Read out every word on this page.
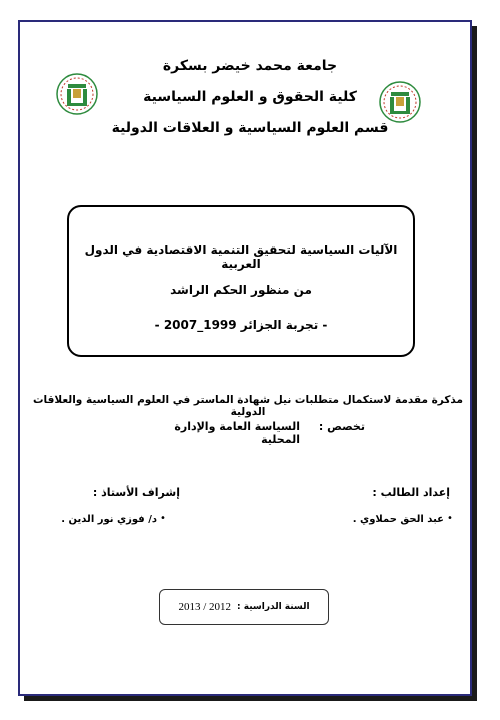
جامعة محمد خيضر بسكرة
كلية الحقوق و العلوم السياسية
قسم العلوم السياسية و العلاقات الدولية
الآليات السياسية لتحقيق التنمية الاقتصادية في الدول العربية
من منظور الحكم الراشد
- تجربة الجزائر 1999_2007 -
مذكرة مقدمة لاستكمال متطلبات نيل شهادة الماستر في العلوم السياسية والعلاقات الدولية
تخصص :
السياسة العامة والإدارة المحلية
إعداد الطالب :
إشراف الأستاذ :
•
عبد الحق حملاوي .
•
د/ فوزي نور الدين .
السنة الدراسية :
2013 / 2012
